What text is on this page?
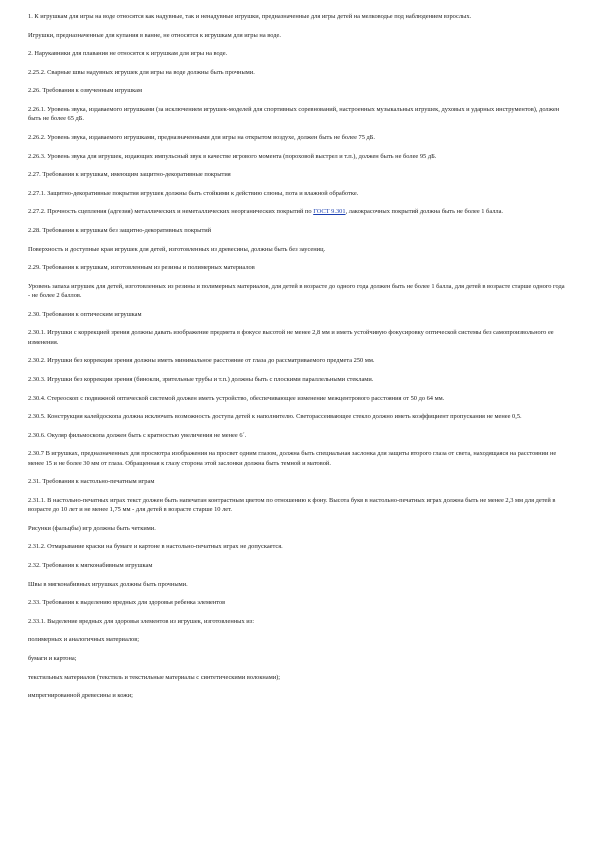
1. К игрушкам для игры на воде относятся как надувные, так и ненадувные игрушки, предназначенные для игры детей на мелководье под наблюдением взрослых.

Игрушки, предназначенные для купания в ванне, не относятся к игрушкам для игры на воде.

2. Нарукавники для плавания не относятся к игрушкам для игры на воде.

2.25.2. Сварные швы надувных игрушек для игры на воде должны быть прочными.

2.26. Требования к озвученным игрушкам

2.26.1. Уровень звука, издаваемого игрушками (за исключением игрушек-моделей для спортивных соревнований, настроенных музыкальных игрушек, духовых и ударных инструментов), должен быть не более 65 дБ.

2.26.2. Уровень звука, издаваемого игрушками, предназначенными для игры на открытом воздухе, должен быть не более 75 дБ.

2.26.3. Уровень звука для игрушек, издающих импульсный звук в качестве игрового момента (пороховой выстрел и т.п.), должен быть не более 95 дБ.

2.27. Требования к игрушкам, имеющим защитно-декоративные покрытия

2.27.1. Защитно-декоративные покрытия игрушек должны быть стойкими к действию слюны, пота и влажной обработке.

2.27.2. Прочность сцепления (адгезия) металлических и неметаллических неорганических покрытий по ГОСТ 9.301, лакокрасочных покрытий должна быть не более 1 балла.

2.28. Требования к игрушкам без защитно-декоративных покрытий

Поверхность и доступные края игрушек для детей, изготовленных из древесины, должны быть без заусениц.

2.29. Требования к игрушкам, изготовленным из резины и полимерных материалов

Уровень запаха игрушек для детей, изготовленных из резины и полимерных материалов, для детей в возрасте до одного года должен быть не более 1 балла, для детей в возрасте старше одного года - не более 2 баллов.

2.30. Требования к оптическим игрушкам

2.30.1. Игрушки с коррекцией зрения должны давать изображение предмета в фокусе высотой не менее 2,8 мм и иметь устойчивую фокусировку оптической системы без самопроизвольного ее изменения.

2.30.2. Игрушки без коррекции зрения должны иметь минимальное расстояние от глаза до рассматриваемого предмета 250 мм.

2.30.3. Игрушки без коррекции зрения (бинокли, зрительные трубы и т.п.) должны быть с плоскими параллельными стеклами.

2.30.4. Стереоскоп с подвижной оптической системой должен иметь устройство, обеспечивающее изменение межцентрового расстояния от 50 до 64 мм.

2.30.5. Конструкция калейдоскопа должна исключать возможность доступа детей к наполнителю. Светорассеивающее стекло должно иметь коэффициент пропускания не менее 0,5.

2.30.6. Окуляр фильмоскопа должен быть с кратностью увеличения не менее 6´.

2.30.7 В игрушках, предназначенных для просмотра изображения на просвет одним глазом, должна быть специальная заслонка для защиты второго глаза от света, находящаяся на расстоянии не менее 15 и не более 30 мм от глаза. Обращенная к глазу сторона этой заслонки должна быть темной и матовой.

2.31. Требования к настольно-печатным играм

2.31.1. В настольно-печатных играх текст должен быть напечатан контрастным цветом по отношению к фону. Высота букв в настольно-печатных играх должна быть не менее 2,3 мм для детей в возрасте до 10 лет и не менее 1,75 мм - для детей в возрасте старше 10 лет.

Рисунки (фальцбы) игр должны быть четкими.

2.31.2. Отмарывание краски на бумаге и картоне в настольно-печатных играх не допускается.

2.32. Требования к мягконабивным игрушкам

Швы в мягконабивных игрушках должны быть прочными.

2.33. Требования к выделению вредных для здоровья ребенка элементов

2.33.1. Выделение вредных для здоровья элементов из игрушек, изготовленных из:

полимерных и аналогичных материалов;

бумаги и картона;

текстильных материалов (текстиль и текстильные материалы с синтетическими волокнами);

импрегнированной древесины и кожи;
